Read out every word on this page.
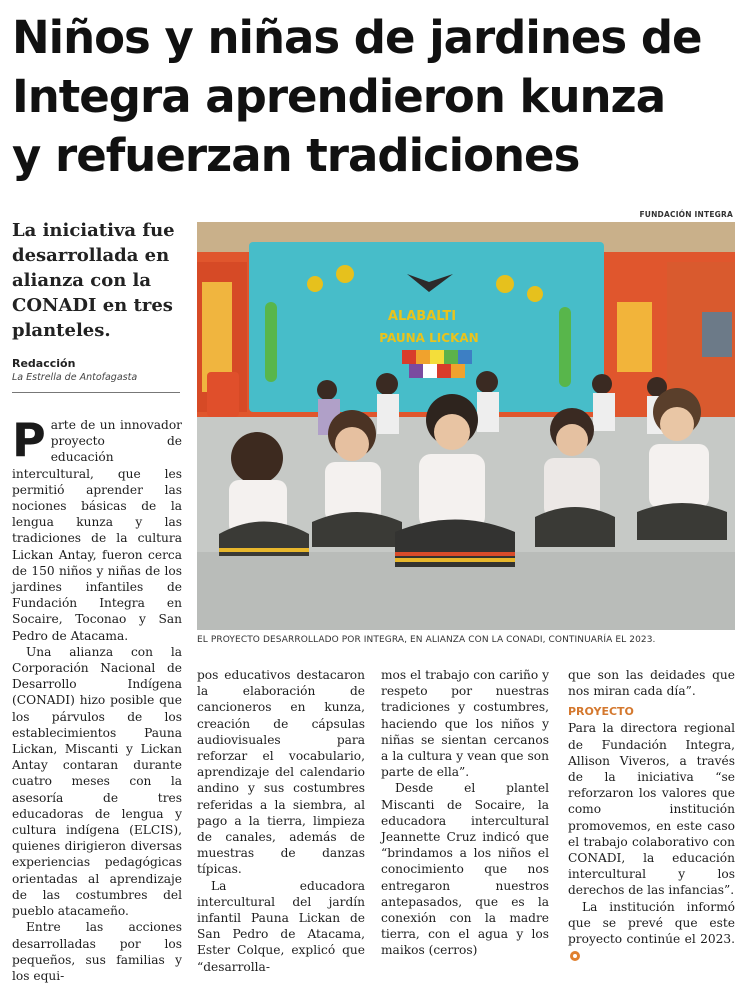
Niños y niñas de jardines de
Integra aprendieron kunza
y refuerzan tradiciones
La iniciativa fue desarrollada en alianza con la CONADI en tres planteles.
Redacción
La Estrella de Antofagasta
FUNDACIÓN INTEGRA
ALABALTI
PAUNA LICKAN
EL PROYECTO DESARROLLADO POR INTEGRA, EN ALIANZA CON LA CONADI, CONTINUARÍA EL 2023.

Parte de un innovador proyecto de educación intercultural, que les permitió aprender las nociones básicas de la lengua kunza y las tradiciones de la cultura Lickan Antay, fueron cerca de 150 niños y niñas de los jardines infantiles de Fundación Integra en Socaire, Toconao y San Pedro de Atacama.

Una alianza con la Corporación Nacional de Desarrollo Indígena (CONADI) hizo posible que los párvulos de los establecimientos Pauna Lickan, Miscanti y Lickan Antay contaran durante cuatro meses con la asesoría de tres educadoras de lengua y cultura indígena (ELCIS), quienes dirigieron diversas experiencias pedagógicas orientadas al aprendizaje de las costumbres del pueblo atacameño.

Entre las acciones desarrolladas por los pequeños, sus familias y los equi-

pos educativos destacaron la elaboración de cancioneros en kunza, creación de cápsulas audiovisuales para reforzar el vocabulario, aprendizaje del calendario andino y sus costumbres referidas a la siembra, al pago a la tierra, limpieza de canales, además de muestras de danzas típicas.

La educadora intercultural del jardín infantil Pauna Lickan de San Pedro de Atacama, Ester Colque, explicó que “desarrolla-

mos el trabajo con cariño y respeto por nuestras tradiciones y costumbres, haciendo que los niños y niñas se sientan cercanos a la cultura y vean que son parte de ella”.

Desde el plantel Miscanti de Socaire, la educadora intercultural Jeannette Cruz indicó que “brindamos a los niños el conocimiento que nos entregaron nuestros antepasados, que es la conexión con la madre tierra, con el agua y los maikos (cerros)

que son las deidades que nos miran cada día”.

PROYECTO

Para la directora regional de Fundación Integra, Allison Viveros, a través de la iniciativa “se reforzaron los valores que como institución promovemos, en este caso el trabajo colaborativo con CONADI, la educación intercultural y los derechos de las infancias”.

La institución informó que se prevé que este proyecto continúe el 2023.
